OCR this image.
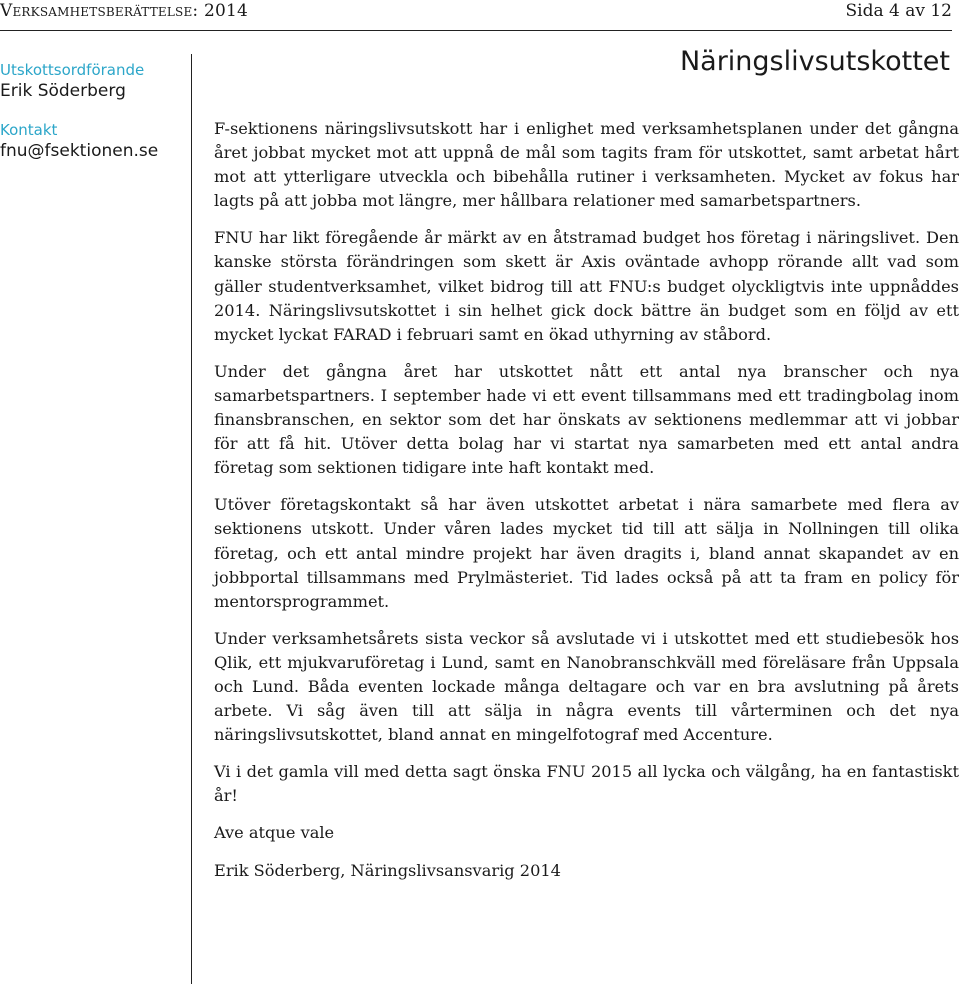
Verksamhetsberättelse: 2014	Sida 4 av 12
Utskottsordförande
Erik Söderberg
Kontakt
fnu@fsektionen.se
Näringslivsutskottet

F-sektionens näringslivsutskott har i enlighet med verksamhetsplanen under det gångna året jobbat mycket mot att uppnå de mål som tagits fram för utskottet, samt arbetat hårt mot att ytterligare utveckla och bibehålla rutiner i verksamheten. Mycket av fokus har lagts på att jobba mot längre, mer hållbara relationer med samarbetspartners.

FNU har likt föregående år märkt av en åtstramad budget hos företag i näringslivet. Den kanske största förändringen som skett är Axis oväntade avhopp rörande allt vad som gäller studentverksamhet, vilket bidrog till att FNU:s budget olyckligtvis inte uppnåddes 2014. Näringslivsutskottet i sin helhet gick dock bättre än budget som en följd av ett mycket lyckat FARAD i februari samt en ökad uthyrning av ståbord.

Under det gångna året har utskottet nått ett antal nya branscher och nya samarbetspartners. I september hade vi ett event tillsammans med ett tradingbolag inom finansbranschen, en sektor som det har önskats av sektionens medlemmar att vi jobbar för att få hit. Utöver detta bolag har vi startat nya samarbeten med ett antal andra företag som sektionen tidigare inte haft kontakt med.

Utöver företagskontakt så har även utskottet arbetat i nära samarbete med flera av sektionens utskott. Under våren lades mycket tid till att sälja in Nollningen till olika företag, och ett antal mindre projekt har även dragits i, bland annat skapandet av en jobbportal tillsammans med Prylmästeriet. Tid lades också på att ta fram en policy för mentorsprogrammet.

Under verksamhetsårets sista veckor så avslutade vi i utskottet med ett studiebesök hos Qlik, ett mjukvaruföretag i Lund, samt en Nanobranschkväll med föreläsare från Uppsala och Lund. Båda eventen lockade många deltagare och var en bra avslutning på årets arbete. Vi såg även till att sälja in några events till vårterminen och det nya näringslivsutskottet, bland annat en mingelfotograf med Accenture.

Vi i det gamla vill med detta sagt önska FNU 2015 all lycka och välgång, ha en fantastiskt år!

Ave atque vale
Erik Söderberg, Näringslivsansvarig 2014
